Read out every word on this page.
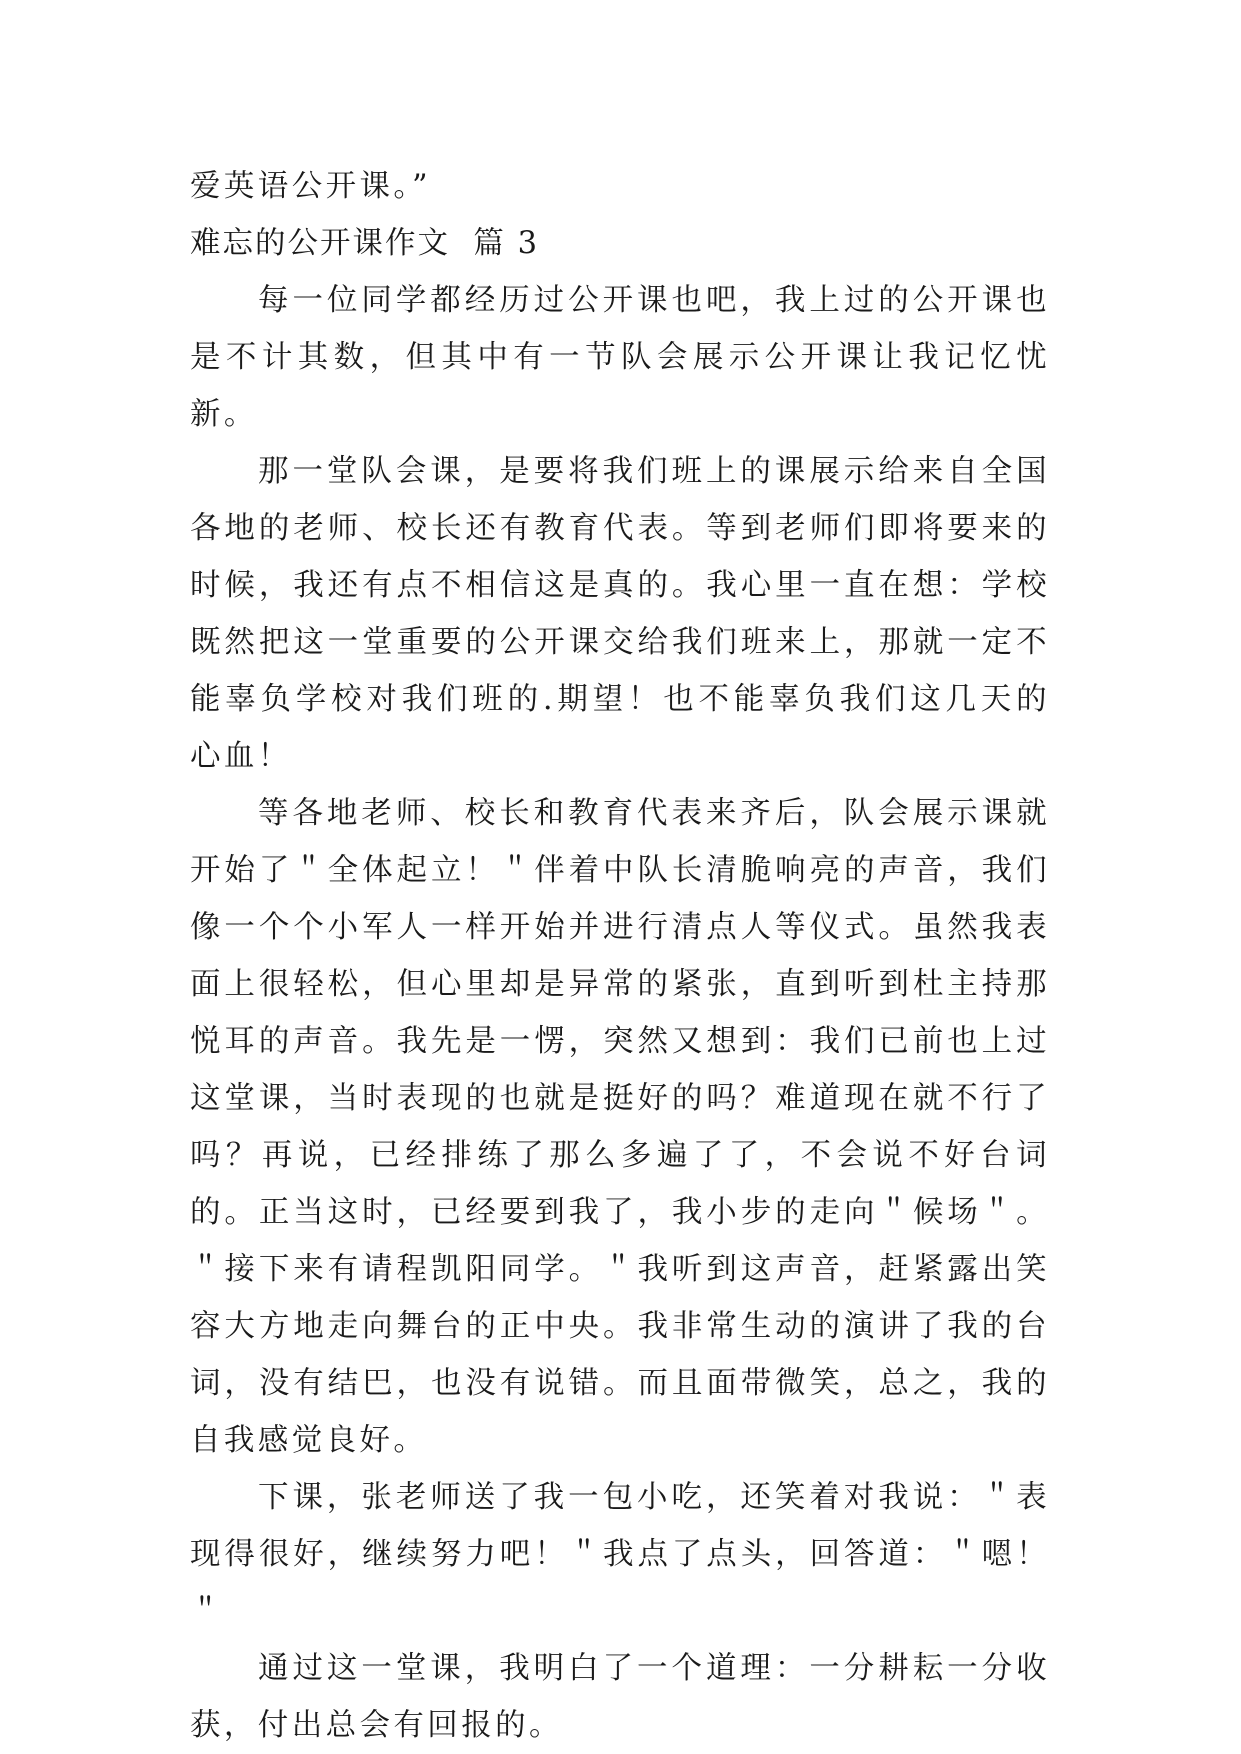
爱英语公开课。”

难忘的公开课作文  篇 3

每一位同学都经历过公开课也吧，我上过的公开课也是不计其数，但其中有一节队会展示公开课让我记忆忧新。

那一堂队会课，是要将我们班上的课展示给来自全国各地的老师、校长还有教育代表。等到老师们即将要来的时候，我还有点不相信这是真的。我心里一直在想：学校既然把这一堂重要的公开课交给我们班来上，那就一定不能辜负学校对我们班的.期望！也不能辜负我们这几天的心血！

等各地老师、校长和教育代表来齐后，队会展示课就开始了＂全体起立！＂伴着中队长清脆响亮的声音，我们像一个个小军人一样开始并进行清点人等仪式。虽然我表面上很轻松，但心里却是异常的紧张，直到听到杜主持那悦耳的声音。我先是一愣，突然又想到：我们已前也上过这堂课，当时表现的也就是挺好的吗？难道现在就不行了吗？再说，已经排练了那么多遍了了，不会说不好台词的。正当这时，已经要到我了，我小步的走向＂候场＂。＂接下来有请程凯阳同学。＂我听到这声音，赶紧露出笑容大方地走向舞台的正中央。我非常生动的演讲了我的台词，没有结巴，也没有说错。而且面带微笑，总之，我的自我感觉良好。

下课，张老师送了我一包小吃，还笑着对我说：＂表现得很好，继续努力吧！＂我点了点头，回答道：＂嗯！＂

通过这一堂课，我明白了一个道理：一分耕耘一分收获，付出总会有回报的。
